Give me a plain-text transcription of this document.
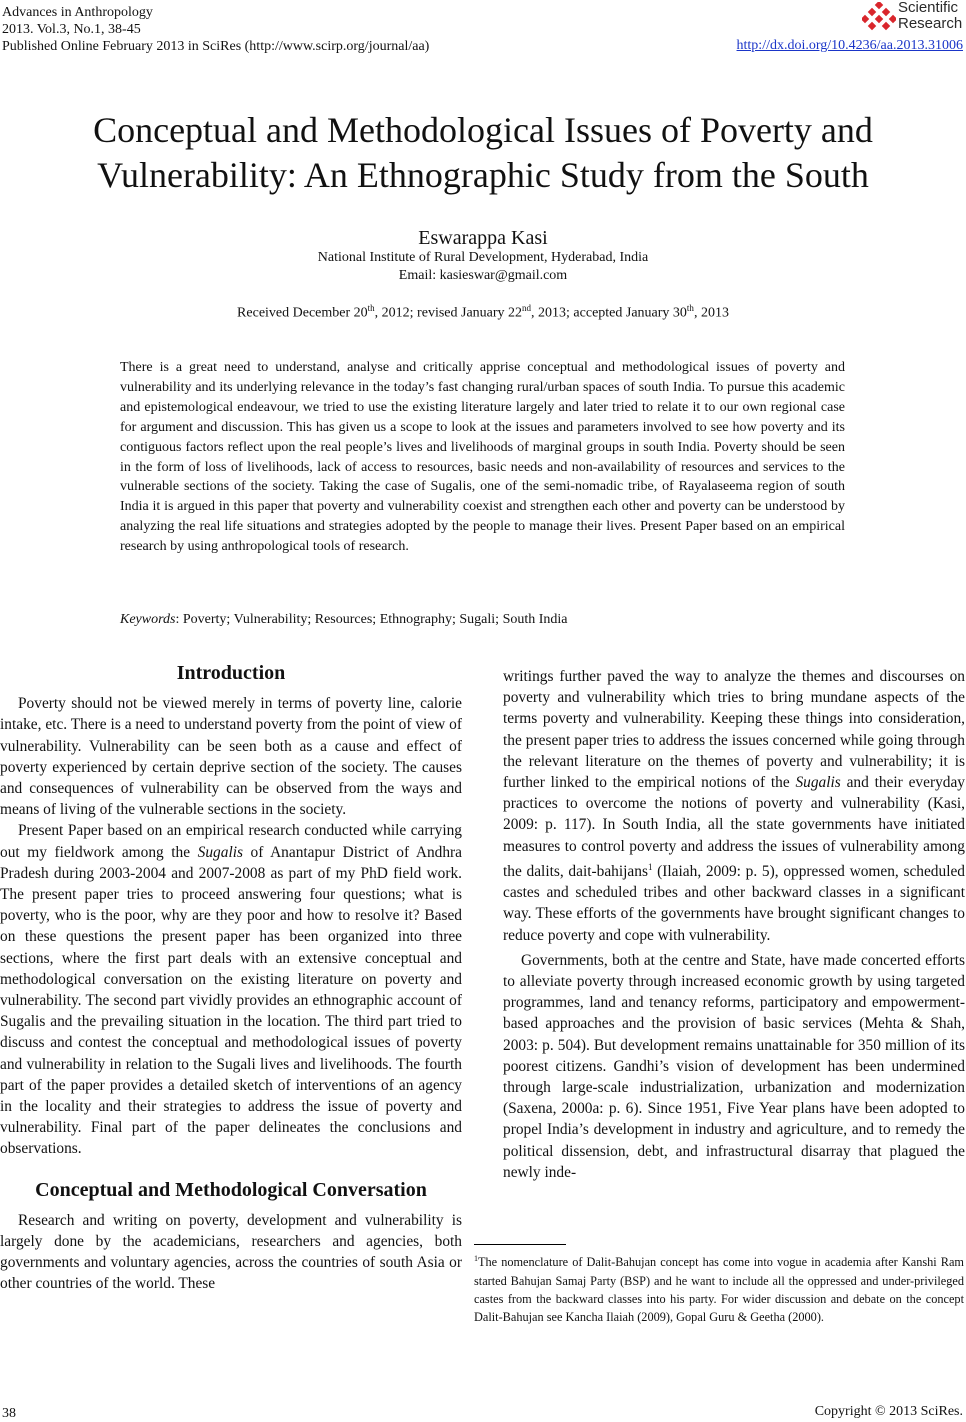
Advances in Anthropology
2013. Vol.3, No.1, 38-45
Published Online February 2013 in SciRes (http://www.scirp.org/journal/aa)
Scientific
Research
http://dx.doi.org/10.4236/aa.2013.31006
Conceptual and Methodological Issues of Poverty and
Vulnerability: An Ethnographic Study from the South
Eswarappa Kasi
National Institute of Rural Development, Hyderabad, India
Email: kasieswar@gmail.com
Received December 20th, 2012; revised January 22nd, 2013; accepted January 30th, 2013
There is a great need to understand, analyse and critically apprise conceptual and methodological issues of poverty and vulnerability and its underlying relevance in the today’s fast changing rural/urban spaces of south India. To pursue this academic and epistemological endeavour, we tried to use the existing literature largely and later tried to relate it to our own regional case for argument and discussion. This has given us a scope to look at the issues and parameters involved to see how poverty and its contiguous factors reflect upon the real people’s lives and livelihoods of marginal groups in south India. Poverty should be seen in the form of loss of livelihoods, lack of access to resources, basic needs and non-availability of resources and services to the vulnerable sections of the society. Taking the case of Sugalis, one of the semi-nomadic tribe, of Rayalaseema region of south India it is argued in this paper that poverty and vulnerability coexist and strengthen each other and poverty can be understood by analyzing the real life situations and strategies adopted by the people to manage their lives. Present Paper based on an empirical research by using anthropological tools of research.
Keywords: Poverty; Vulnerability; Resources; Ethnography; Sugali; South India
Introduction

Poverty should not be viewed merely in terms of poverty line, calorie intake, etc. There is a need to understand poverty from the point of view of vulnerability. Vulnerability can be seen both as a cause and effect of poverty experienced by certain deprive section of the society. The causes and consequences of vulnerability can be observed from the ways and means of living of the vulnerable sections in the society.

Present Paper based on an empirical research conducted while carrying out my fieldwork among the Sugalis of Anantapur District of Andhra Pradesh during 2003-2004 and 2007-2008 as part of my PhD field work. The present paper tries to proceed answering four questions; what is poverty, who is the poor, why are they poor and how to resolve it? Based on these questions the present paper has been organized into three sections, where the first part deals with an extensive conceptual and methodological conversation on the existing literature on poverty and vulnerability. The second part vividly provides an ethnographic account of Sugalis and the prevailing situation in the location. The third part tried to discuss and contest the conceptual and methodological issues of poverty and vulnerability in relation to the Sugali lives and livelihoods. The fourth part of the paper provides a detailed sketch of interventions of an agency in the locality and their strategies to address the issue of poverty and vulnerability. Final part of the paper delineates the conclusions and observations.

Conceptual and Methodological Conversation

Research and writing on poverty, development and vulnerability is largely done by the academicians, researchers and agencies, both governments and voluntary agencies, across the countries of south Asia or other countries of the world. These

writings further paved the way to analyze the themes and discourses on poverty and vulnerability which tries to bring mundane aspects of the terms poverty and vulnerability. Keeping these things into consideration, the present paper tries to address the issues concerned while going through the relevant literature on the themes of poverty and vulnerability; it is further linked to the empirical notions of the Sugalis and their everyday practices to overcome the notions of poverty and vulnerability (Kasi, 2009: p. 117). In South India, all the state governments have initiated measures to control poverty and address the issues of vulnerability among the dalits, dait-bahijans$^1$ (Ilaiah, 2009: p. 5), oppressed women, scheduled castes and scheduled tribes and other backward classes in a significant way. These efforts of the governments have brought significant changes to reduce poverty and cope with vulnerability.

Governments, both at the centre and State, have made concerted efforts to alleviate poverty through increased economic growth by using targeted programmes, land and tenancy reforms, participatory and empowerment-based approaches and the provision of basic services (Mehta & Shah, 2003: p. 504). But development remains unattainable for 350 million of its poorest citizens. Gandhi’s vision of development has been undermined through large-scale industrialization, urbanization and modernization (Saxena, 2000a: p. 6). Since 1951, Five Year plans have been adopted to propel India’s development in industry and agriculture, and to remedy the political dissension, debt, and infrastructural disarray that plagued the newly inde-

$^1$The nomenclature of Dalit-Bahujan concept has come into vogue in academia after Kanshi Ram started Bahujan Samaj Party (BSP) and he want to include all the oppressed and under-privileged castes from the backward classes into his party. For wider discussion and debate on the concept Dalit-Bahujan see Kancha Ilaiah (2009), Gopal Guru & Geetha (2000).
38	Copyright © 2013 SciRes.
